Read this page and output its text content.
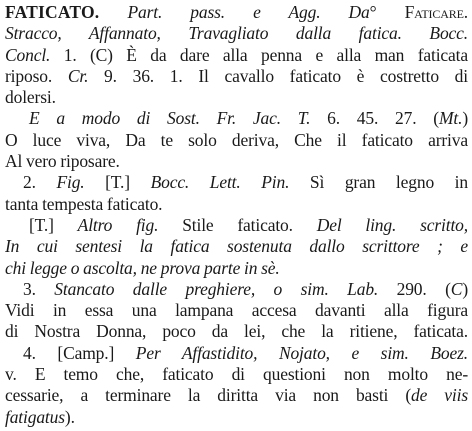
FATICATO. Part. pass. e Agg. Da° Faticare.
Stracco, Affannato, Travagliato dalla fatica. Bocc.
Concl. 1. (C) È da dare alla penna e alla man faticata
riposo. Cr. 9. 36. 1. Il cavallo faticato è costretto di
dolersi.
E a modo di Sost. Fr. Jac. T. 6. 45. 27. (Mt.)
O luce viva, Da te solo deriva, Che il faticato arriva
Al vero riposare.
2. Fig. [T.] Bocc. Lett. Pin. Sì gran legno in
tanta tempesta faticato.
[T.] Altro fig. Stile faticato. Del ling. scritto,
In cui sentesi la fatica sostenuta dallo scrittore ; e
chi legge o ascolta, ne prova parte in sè.
3. Stancato dalle preghiere, o sim. Lab. 290. (C)
Vidi in essa una lampana accesa davanti alla figura
di Nostra Donna, poco da lei, che la ritiene, faticata.
4. [Camp.] Per Affastidito, Nojato, e sim. Boez.
v. E temo che, faticato di questioni non molto ne-
cessarie, a terminare la diritta via non basti (de viis
fatigatus).
